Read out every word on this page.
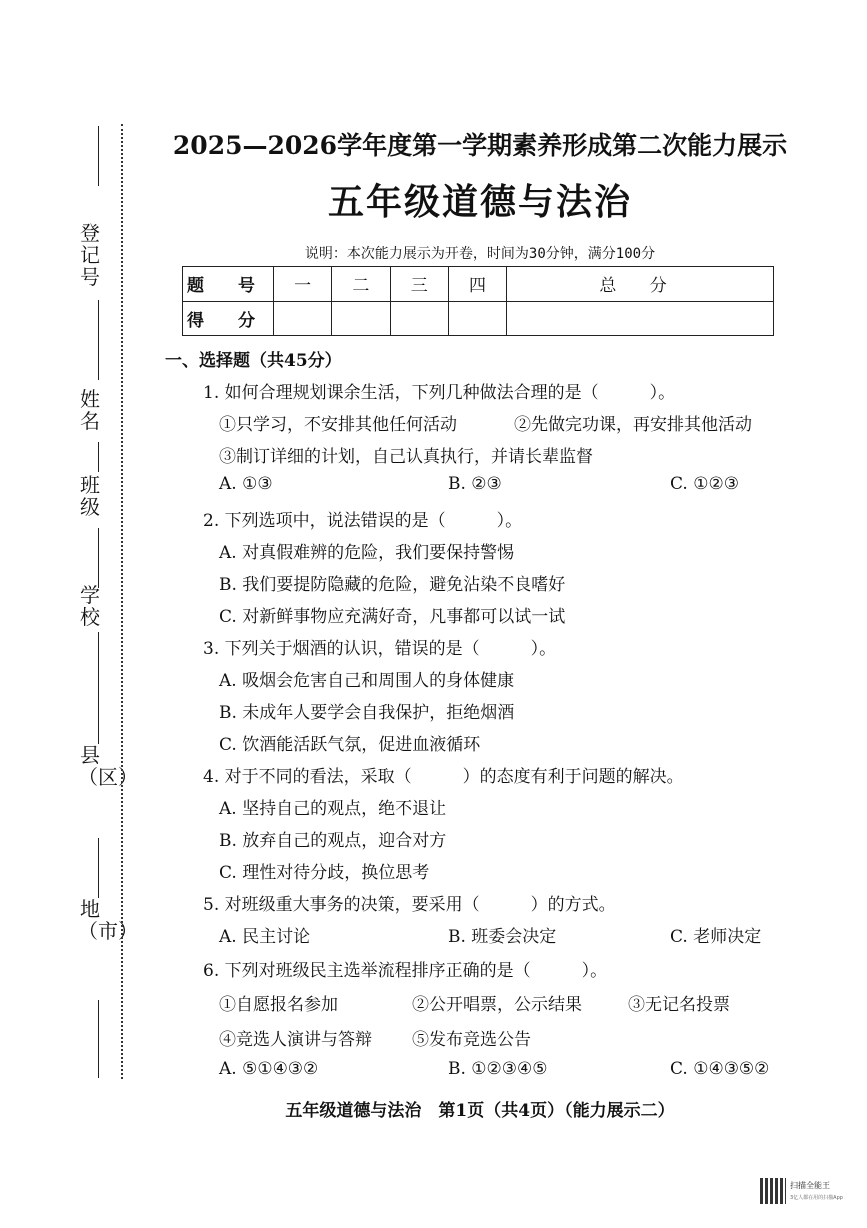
登记号
姓名
班级
学校
县（区）
地（市）
2025—2026学年度第一学期素养形成第二次能力展示
五年级道德与法治
说明：本次能力展示为开卷，时间为30分钟，满分100分
题 号	一	二	三	四	总 分
得 分					
一、选择题（共45分）
1. 如何合理规划课余生活，下列几种做法合理的是（　　　）。
①只学习，不安排其他任何活动	②先做完功课，再安排其他活动
③制订详细的计划，自己认真执行，并请长辈监督
A. ①③	B. ②③	C. ①②③
2. 下列选项中，说法错误的是（　　　）。
A. 对真假难辨的危险，我们要保持警惕
B. 我们要提防隐藏的危险，避免沾染不良嗜好
C. 对新鲜事物应充满好奇，凡事都可以试一试
3. 下列关于烟酒的认识，错误的是（　　　）。
A. 吸烟会危害自己和周围人的身体健康
B. 未成年人要学会自我保护，拒绝烟酒
C. 饮酒能活跃气氛，促进血液循环
4. 对于不同的看法，采取（　　　）的态度有利于问题的解决。
A. 坚持自己的观点，绝不退让
B. 放弃自己的观点，迎合对方
C. 理性对待分歧，换位思考
5. 对班级重大事务的决策，要采用（　　　）的方式。
A. 民主讨论	B. 班委会决定	C. 老师决定
6. 下列对班级民主选举流程排序正确的是（　　　）。
①自愿报名参加	②公开唱票，公示结果	③无记名投票
④竞选人演讲与答辩 ⑤发布竞选公告
A. ⑤①④③②	B. ①②③④⑤	C. ①④③⑤②
五年级道德与法治　第1页（共4页）（能力展示二）
扫描全能王
3亿人都在用的扫描App
